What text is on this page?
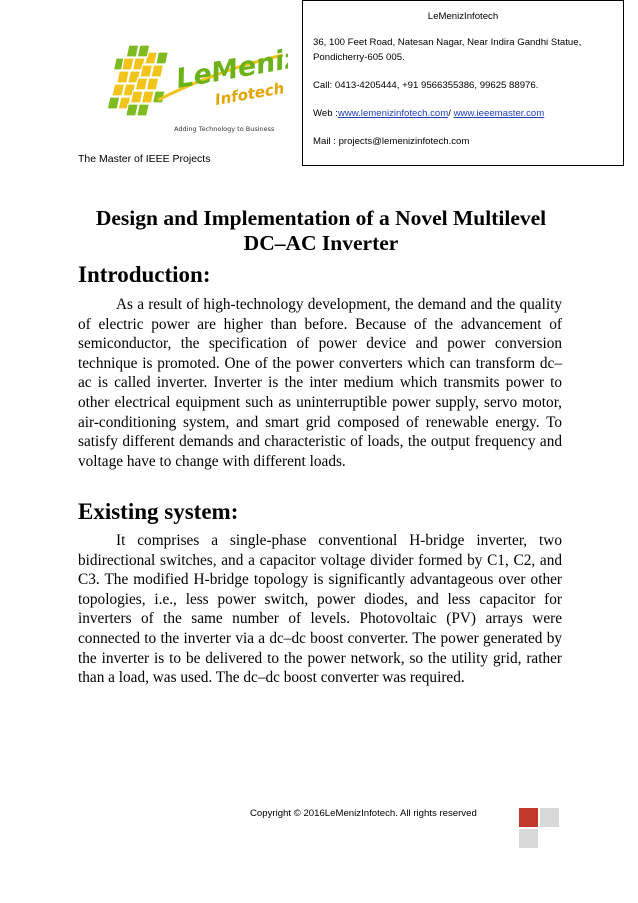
LeMeniz
Infotech
Adding Technology to Business
The Master of IEEE Projects
LeMenizInfotech
36, 100 Feet Road, Natesan Nagar, Near Indira Gandhi Statue, Pondicherry-605 005.
Call: 0413-4205444, +91 9566355386, 99625 88976.
Web :www.lemenizinfotech.com/ www.ieeemaster.com
Mail : projects@lemenizinfotech.com
Design and Implementation of a Novel Multilevel DC–AC Inverter
Introduction:

As a result of high-technology development, the demand and the quality of electric power are higher than before. Because of the advancement of semiconductor, the specification of power device and power conversion technique is promoted. One of the power converters which can transform dc–ac is called inverter. Inverter is the inter medium which transmits power to other electrical equipment such as uninterruptible power supply, servo motor, air-conditioning system, and smart grid composed of renewable energy. To satisfy different demands and characteristic of loads, the output frequency and voltage have to change with different loads.

Existing system:

It comprises a single-phase conventional H-bridge inverter, two bidirectional switches, and a capacitor voltage divider formed by C1, C2, and C3. The modified H-bridge topology is significantly advantageous over other topologies, i.e., less power switch, power diodes, and less capacitor for inverters of the same number of levels. Photovoltaic (PV) arrays were connected to the inverter via a dc–dc boost converter. The power generated by the inverter is to be delivered to the power network, so the utility grid, rather than a load, was used. The dc–dc boost converter was required.

Copyright © 2016LeMenizInfotech. All rights reserved
